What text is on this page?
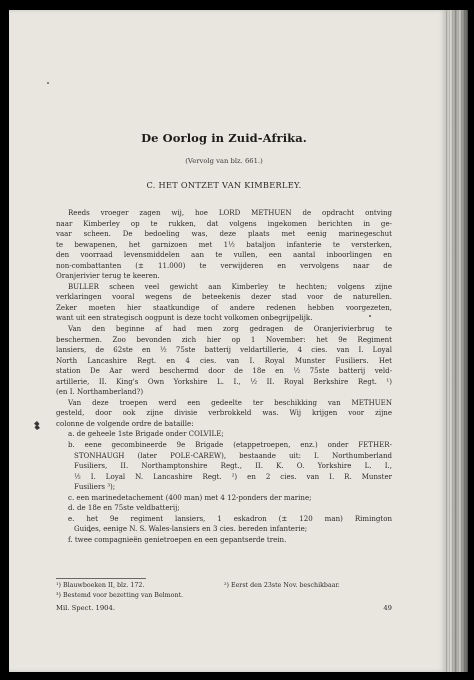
De Oorlog in Zuid-Afrika.
(Vervolg van blz. 661.)
C. HET ONTZET VAN KIMBERLEY.
Reeds vroeger zagen wij, hoe LORD METHUEN de opdracht ontving
naar Kimberley op te rukken, dat volgens ingekomen berichten in ge-
vaar scheen. De bedoeling was, deze plaats met eenig marinegeschut
te bewapenen, het garnizoen met 1½ bataljon infanterie te versterken,
den voorraad levensmiddelen aan te vullen, een aantal inboorlingen en
non-combattanten (± 11.000) te verwijderen en vervolgens naar de
Oranjerivier terug te keeren.
BULLER scheen veel gewicht aan Kimberley te hechten; volgens zijne
verklaringen vooral wegens de beteekenis dezer stad voor de naturellen.
Zeker moeten hier staatkundige of andere redenen hebben voorgezeten,
want uit een strategisch oogpunt is deze tocht volkomen onbegrijpelijk.
Van den beginne af had men zorg gedragen de Oranjerivierbrug te
beschermen. Zoo bevonden zich hier op 1 November: het 9e Regiment
lansiers, de 62ste en ½ 75ste batterij veldartillerie, 4 cies. van I. Loyal
North Lancashire Regt. en 4 cies. van I. Royal Munster Fusiliers. Het
station De Aar werd beschermd door de 18e en ½ 75ste batterij veld-
artillerie, II. King's Own Yorkshire L. I., ½ II. Royal Berkshire Regt. ¹)
(en I. Northamberland?)
Van deze troepen werd een gedeelte ter beschikking van METHUEN
gesteld, door ook zijne divisie verbrokkeld was. Wij krijgen voor zijne
colonne de volgende ordre de bataille:
a. de geheele 1ste Brigade onder COLVILE;
b. eene gecombineerde 9e Brigade (etappetroepen, enz.) onder FETHER-
STONHAUGH (later POLE-CAREW), bestaande uit: I. Northumberland
Fusiliers, II. Northamptonshire Regt., II. K. O. Yorkshire L. I.,
½ I. Loyal N. Lancashire Regt. ²) en 2 cies. van I. R. Munster
Fusiliers ³);
c. een marinedetachement (400 man) met 4 12-ponders der marine;
d. de 18e en 75ste veldbatterij;
e. het 9e regiment lansiers, 1 eskadron (± 120 man) Rimington
Guides, eenige N. S. Wales-lansiers en 3 cies. bereden infanterie;
f. twee compagnieën genietroepen en een gepantserde trein.
¹) Blauwboeken II, blz. 172.	²) Eerst den 23ste Nov. beschikbaar.
³) Bestemd voor bezetting van Belmont.
Mil. Spect. 1904.	49
